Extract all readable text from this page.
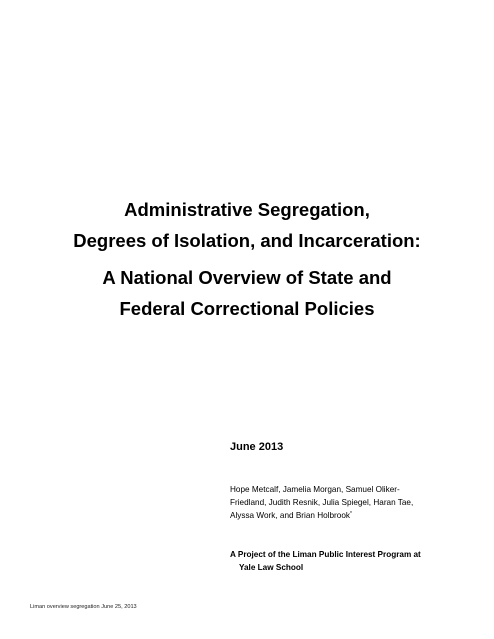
Administrative Segregation,
Degrees of Isolation, and Incarceration:
A National Overview of State and
Federal Correctional Policies
June 2013
Hope Metcalf, Jamelia Morgan, Samuel Oliker-
Friedland, Judith Resnik, Julia Spiegel, Haran Tae,
Alyssa Work, and Brian Holbrook*
A Project of the Liman Public Interest Program at
Yale Law School
Liman overview segregation June 25, 2013
